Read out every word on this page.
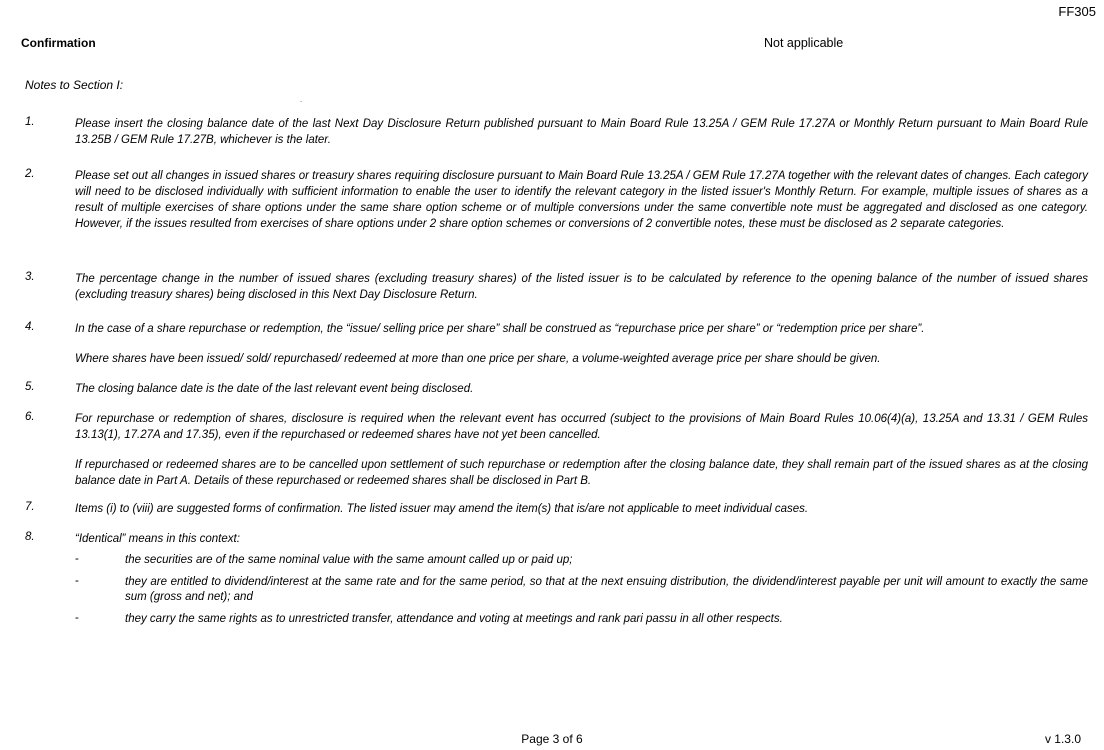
FF305
Confirmation	Not applicable
Notes to Section I:
.
1.	Please insert the closing balance date of the last Next Day Disclosure Return published pursuant to Main Board Rule 13.25A / GEM Rule 17.27A or Monthly Return pursuant to Main Board Rule 13.25B / GEM Rule 17.27B, whichever is the later.
2.	Please set out all changes in issued shares or treasury shares requiring disclosure pursuant to Main Board Rule 13.25A / GEM Rule 17.27A together with the relevant dates of changes. Each category will need to be disclosed individually with sufficient information to enable the user to identify the relevant category in the listed issuer's Monthly Return. For example, multiple issues of shares as a result of multiple exercises of share options under the same share option scheme or of multiple conversions under the same convertible note must be aggregated and disclosed as one category. However, if the issues resulted from exercises of share options under 2 share option schemes or conversions of 2 convertible notes, these must be disclosed as 2 separate categories.
3.	The percentage change in the number of issued shares (excluding treasury shares) of the listed issuer is to be calculated by reference to the opening balance of the number of issued shares (excluding treasury shares) being disclosed in this Next Day Disclosure Return.
4.	In the case of a share repurchase or redemption, the “issue/ selling price per share” shall be construed as “repurchase price per share” or “redemption price per share”.
Where shares have been issued/ sold/ repurchased/ redeemed at more than one price per share, a volume-weighted average price per share should be given.
5.	The closing balance date is the date of the last relevant event being disclosed.
6.	For repurchase or redemption of shares, disclosure is required when the relevant event has occurred (subject to the provisions of Main Board Rules 10.06(4)(a), 13.25A and 13.31 / GEM Rules 13.13(1), 17.27A and 17.35), even if the repurchased or redeemed shares have not yet been cancelled.
If repurchased or redeemed shares are to be cancelled upon settlement of such repurchase or redemption after the closing balance date, they shall remain part of the issued shares as at the closing balance date in Part A. Details of these repurchased or redeemed shares shall be disclosed in Part B.
7.	Items (i) to (viii) are suggested forms of confirmation. The listed issuer may amend the item(s) that is/are not applicable to meet individual cases.
8.	“Identical” means in this context:
-	the securities are of the same nominal value with the same amount called up or paid up;
-	they are entitled to dividend/interest at the same rate and for the same period, so that at the next ensuing distribution, the dividend/interest payable per unit will amount to exactly the same sum (gross and net); and
-	they carry the same rights as to unrestricted transfer, attendance and voting at meetings and rank pari passu in all other respects.
Page 3 of 6	v 1.3.0
